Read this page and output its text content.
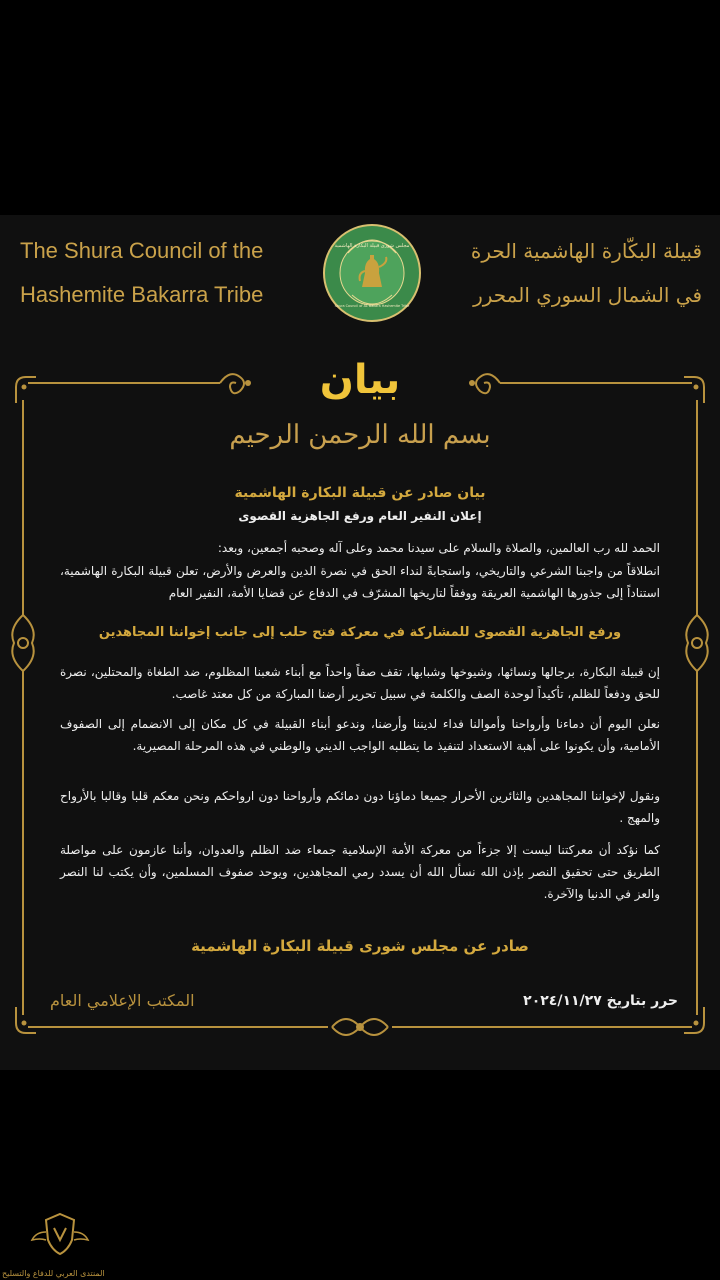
The Shura Council of the
Hashemite Bakarra Tribe
مجلس شورى قبيلة البكارة الهاشمية
Shura Council of AL Bakara Hashemite Tribe
قبيلة البكّارة الهاشمية الحرة
في الشمال السوري المحرر
بيان
بسم الله الرحمن الرحيم
بيان صادر عن قبيلة البكارة الهاشمية
إعلان النفير العام ورفع الجاهزية القصوى
الحمد لله رب العالمين، والصلاة والسلام على سيدنا محمد وعلى آله وصحبه أجمعين، وبعد:
انطلاقاً من واجبنا الشرعي والتاريخي، واستجابةً لنداء الحق في نصرة الدين والعرض والأرض، تعلن قبيلة البكارة الهاشمية، استناداً إلى جذورها الهاشمية العريقة ووفقاً لتاريخها المشرّف في الدفاع عن قضايا الأمة، النفير العام
ورفع الجاهزية القصوى للمشاركة في معركة فتح حلب إلى جانب إخواننا المجاهدين
إن قبيلة البكارة، برجالها ونسائها، وشيوخها وشبابها، تقف صفاً واحداً مع أبناء شعبنا المظلوم، ضد الطغاة والمحتلين، نصرة للحق ودفعاً للظلم، تأكيداً لوحدة الصف والكلمة في سبيل تحرير أرضنا المباركة من كل معتد غاصب.
نعلن اليوم أن دماءنا وأرواحنا وأموالنا فداء لديننا وأرضنا، وندعو أبناء القبيلة في كل مكان إلى الانضمام إلى الصفوف الأمامية، وأن يكونوا على أهبة الاستعداد لتنفيذ ما يتطلبه الواجب الديني والوطني في هذه المرحلة المصيرية.
ونقول لإخواننا المجاهدين والثائرين الأحرار جميعا دماؤنا دون دمائكم وأرواحنا دون ارواحكم ونحن معكم قلبا وقالبا بالأرواح والمهج .
كما نؤكد أن معركتنا ليست إلا جزءاً من معركة الأمة الإسلامية جمعاء ضد الظلم والعدوان، وأننا عازمون على مواصلة الطريق حتى تحقيق النصر بإذن الله نسأل الله أن يسدد رمي المجاهدين، ويوحد صفوف المسلمين، وأن يكتب لنا النصر والعز في الدنيا والآخرة.
صادر عن مجلس شورى قبيلة البكارة الهاشمية
حرر بتاريخ ٢٠٢٤/١١/٢٧
المكتب الإعلامي العام
المنتدى العربي للدفاع والتسليح
